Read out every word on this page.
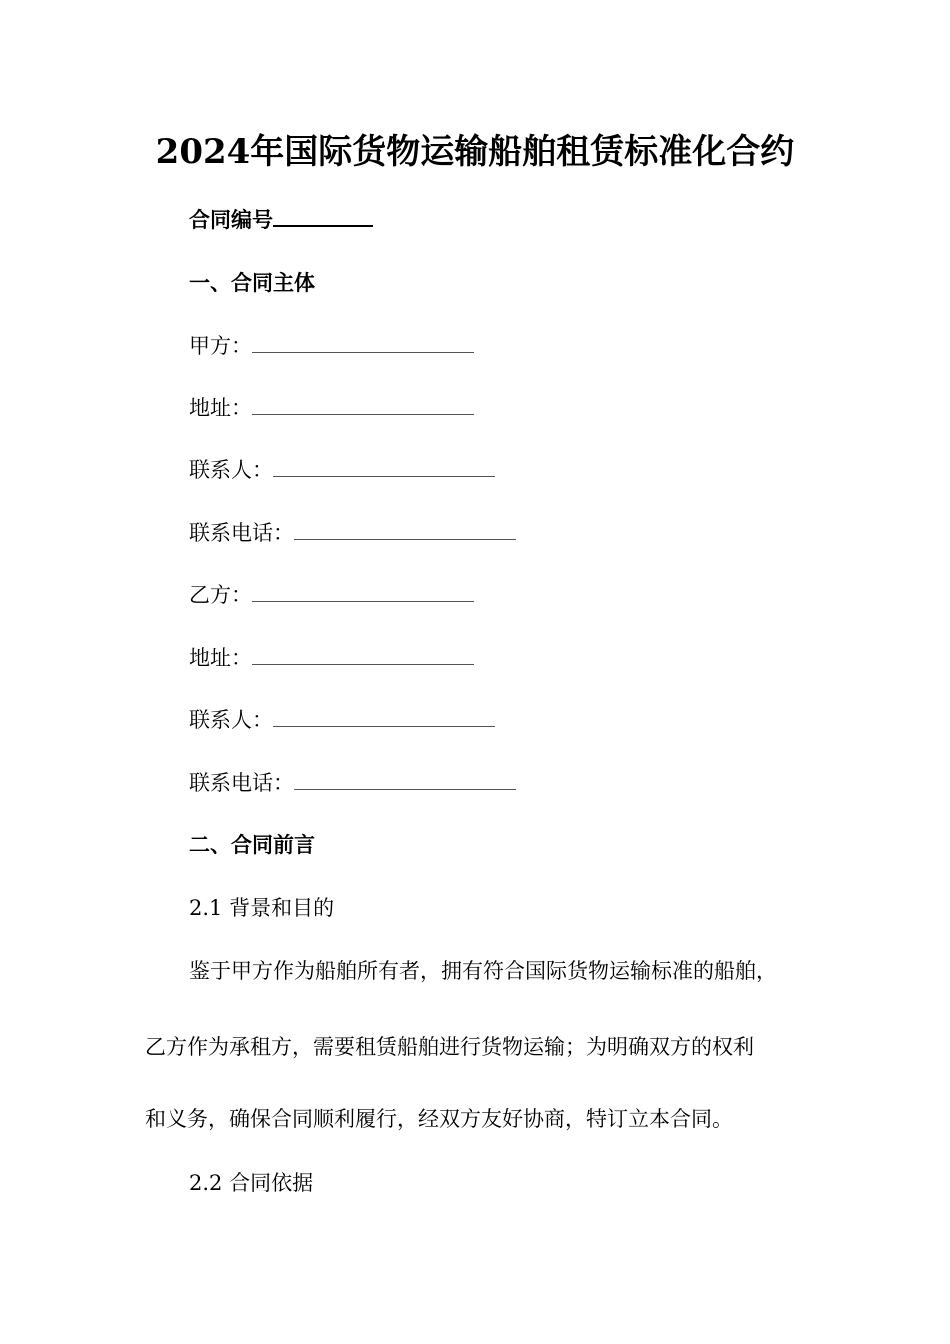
2024年国际货物运输船舶租赁标准化合约
合同编号
一、合同主体
甲方：
地址：
联系人：
联系电话：
乙方：
地址：
联系人：
联系电话：
二、合同前言
2.1 背景和目的
鉴于甲方作为船舶所有者，拥有符合国际货物运输标准的船舶，
乙方作为承租方，需要租赁船舶进行货物运输；为明确双方的权利
和义务，确保合同顺利履行，经双方友好协商，特订立本合同。
2.2 合同依据
